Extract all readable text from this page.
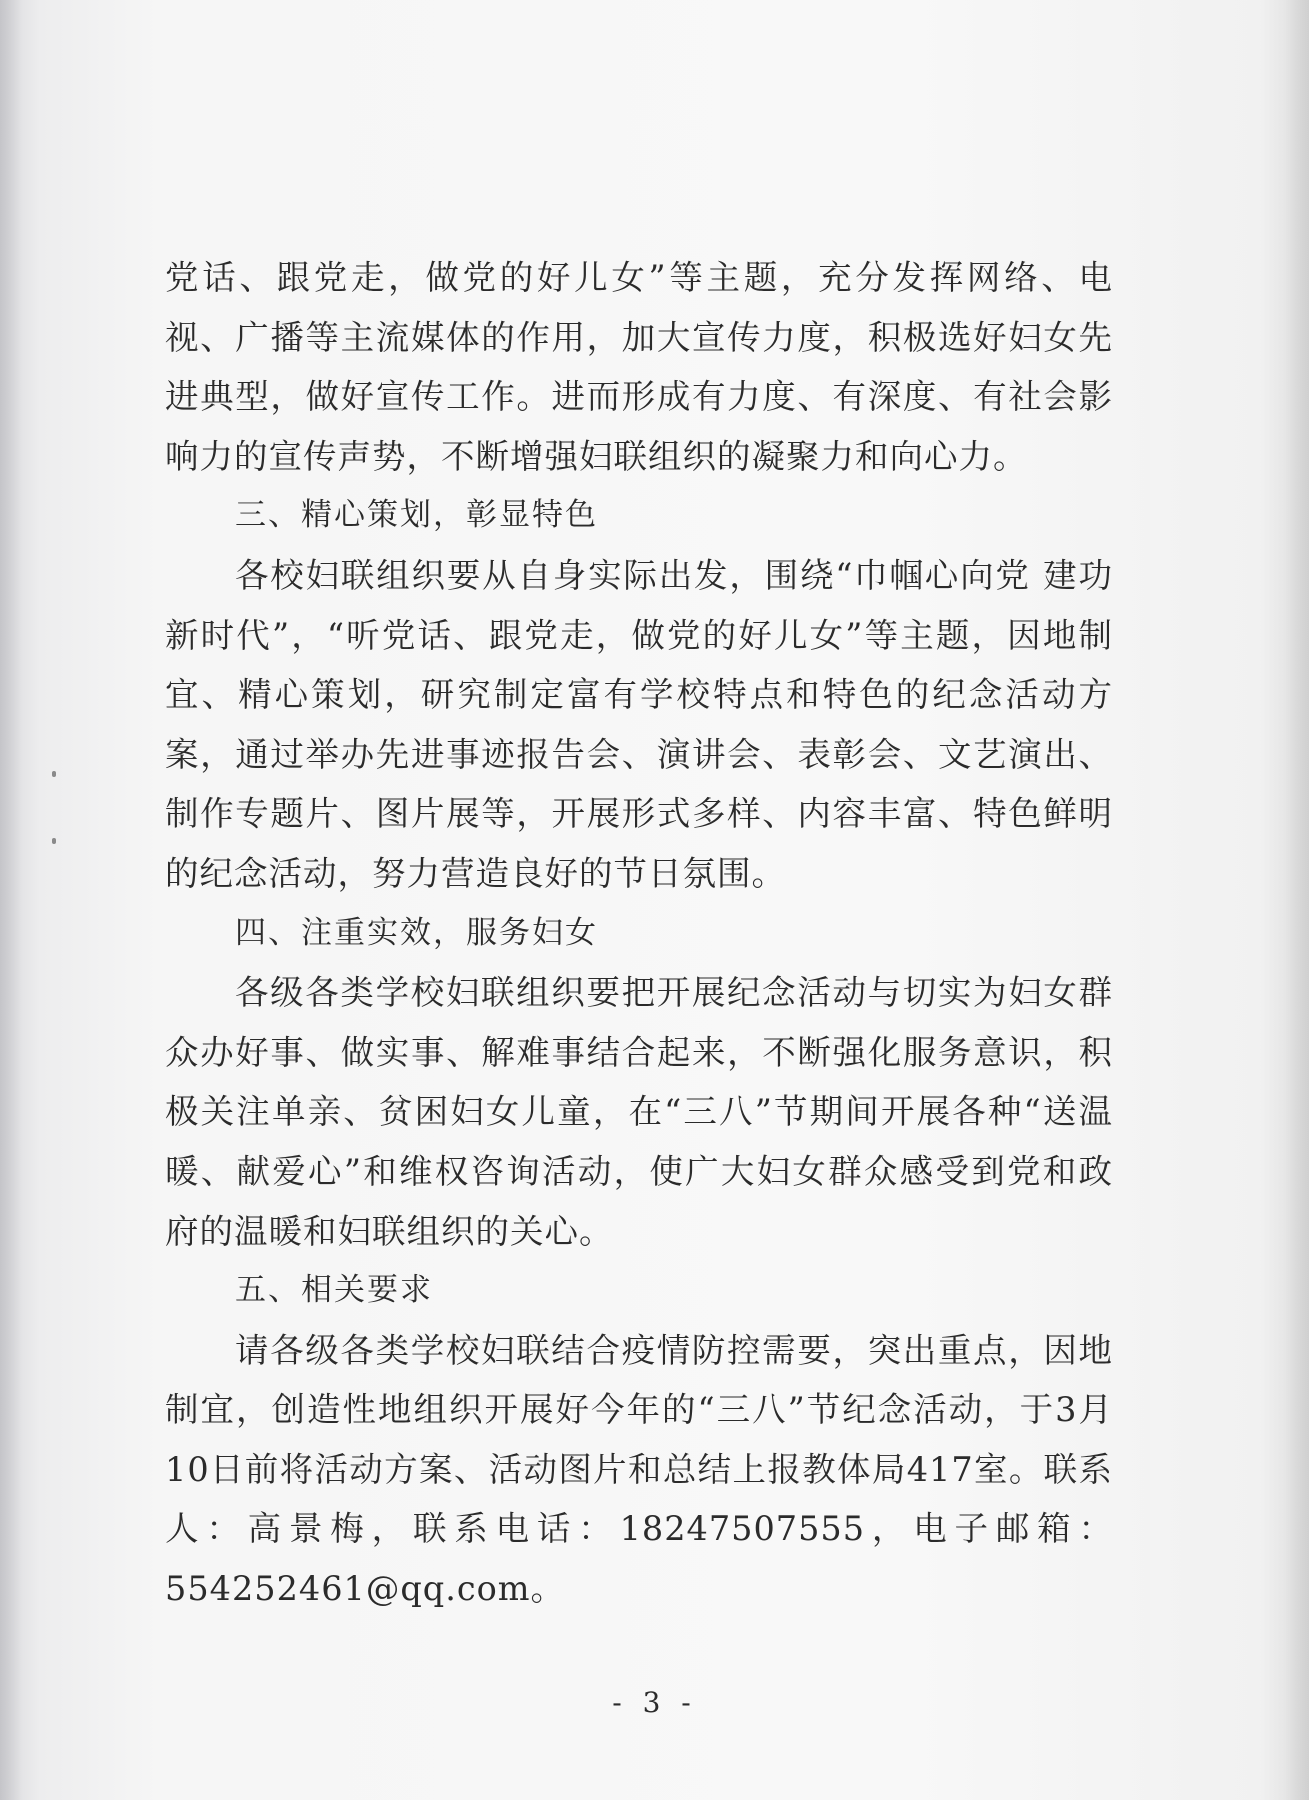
党话、跟党走，做党的好儿女”等主题，充分发挥网络、电视、广播等主流媒体的作用，加大宣传力度，积极选好妇女先进典型，做好宣传工作。进而形成有力度、有深度、有社会影响力的宣传声势，不断增强妇联组织的凝聚力和向心力。

三、精心策划，彰显特色

各校妇联组织要从自身实际出发，围绕“巾帼心向党 建功新时代”，“听党话、跟党走，做党的好儿女”等主题，因地制宜、精心策划，研究制定富有学校特点和特色的纪念活动方案，通过举办先进事迹报告会、演讲会、表彰会、文艺演出、制作专题片、图片展等，开展形式多样、内容丰富、特色鲜明的纪念活动，努力营造良好的节日氛围。

四、注重实效，服务妇女

各级各类学校妇联组织要把开展纪念活动与切实为妇女群众办好事、做实事、解难事结合起来，不断强化服务意识，积极关注单亲、贫困妇女儿童，在“三八”节期间开展各种“送温暖、献爱心”和维权咨询活动，使广大妇女群众感受到党和政府的温暖和妇联组织的关心。

五、相关要求

请各级各类学校妇联结合疫情防控需要，突出重点，因地制宜，创造性地组织开展好今年的“三八”节纪念活动，于3月10日前将活动方案、活动图片和总结上报教体局417室。联系人：高景梅，联系电话：18247507555，电子邮箱：554252461@qq.com。

- 3 -
